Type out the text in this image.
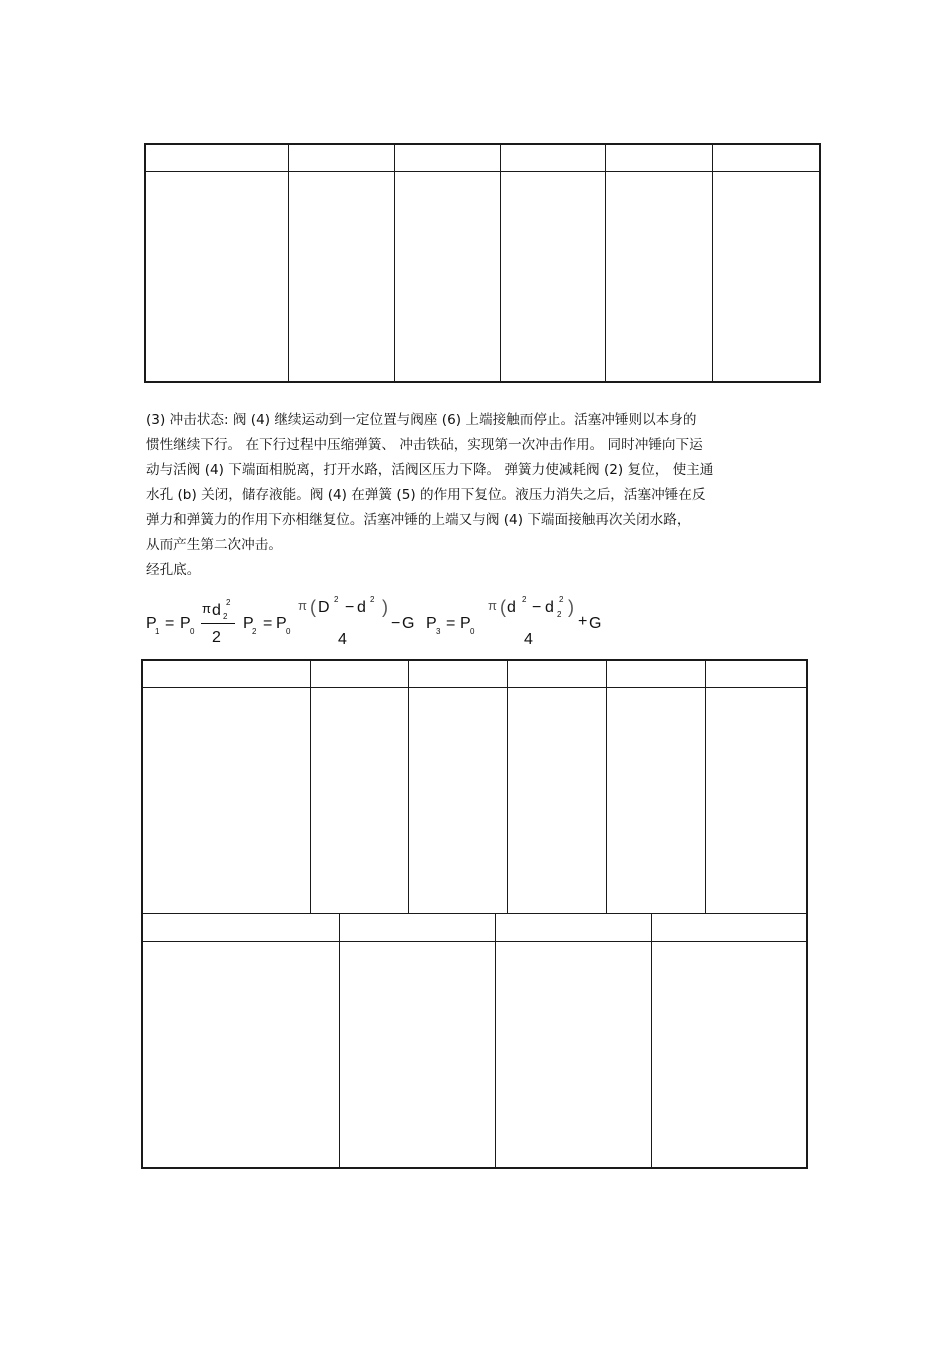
(3) 冲击状态: 阀 (4) 继续运动到一定位置与阀座 (6) 上端接触而停止。活塞冲锤则以本身的
惯性继续下行。 在下行过程中压缩弹簧、 冲击铁砧，实现第一次冲击作用。 同时冲锤向下运
动与活阀 (4) 下端面相脱离，打开水路，活阀区压力下降。 弹簧力使减耗阀 (2) 复位， 使主通
水孔 (b) 关闭，储存液能。阀 (4) 在弹簧 (5) 的作用下复位。液压力消失之后，活塞冲锤在反
弹力和弹簧力的作用下亦相继复位。活塞冲锤的上端又与阀 (4) 下端面接触再次关闭水路，
从而产生第二次冲击。
经孔底。
P
1 = P 0
π d 2
2
2
P
2 = P 0
π ( D 2 − d 2 )
4
− G P 3 = P 0
π ( d 2 − d 2
2 )
4
+ G
